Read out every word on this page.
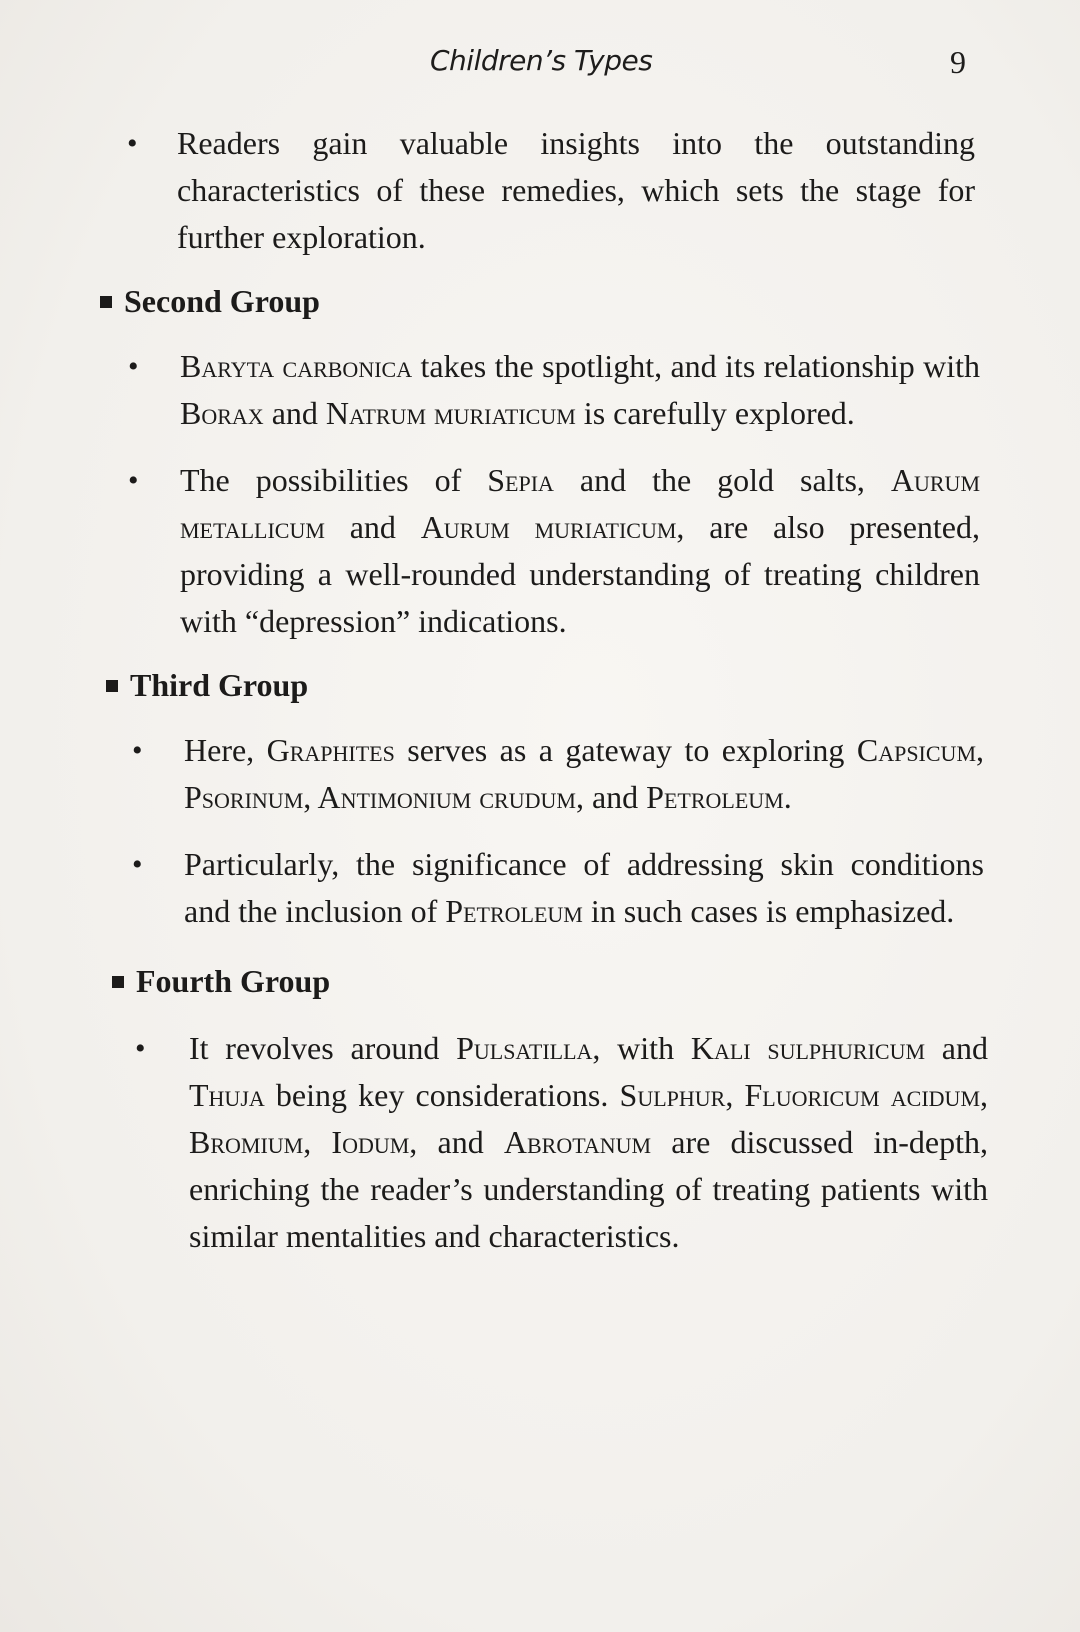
Children’s Types	9

• Readers gain valuable insights into the outstanding characteristics of these remedies, which sets the stage for further exploration.

Second Group

• Baryta carbonica takes the spotlight, and its relationship with Borax and Natrum muriaticum is carefully explored.

• The possibilities of Sepia and the gold salts, Aurum metallicum and Aurum muriaticum, are also presented, providing a well-rounded understanding of treating children with “depression” indications.

Third Group

• Here, Graphites serves as a gateway to exploring Capsicum, Psorinum, Antimonium crudum, and Petroleum.

• Particularly, the significance of addressing skin conditions and the inclusion of Petroleum in such cases is emphasized.

Fourth Group

• It revolves around Pulsatilla, with Kali sulphuricum and Thuja being key considerations. Sulphur, Fluoricum acidum, Bromium, Iodum, and Abrotanum are discussed in-depth, enriching the reader’s understanding of treating patients with similar mentalities and characteristics.
